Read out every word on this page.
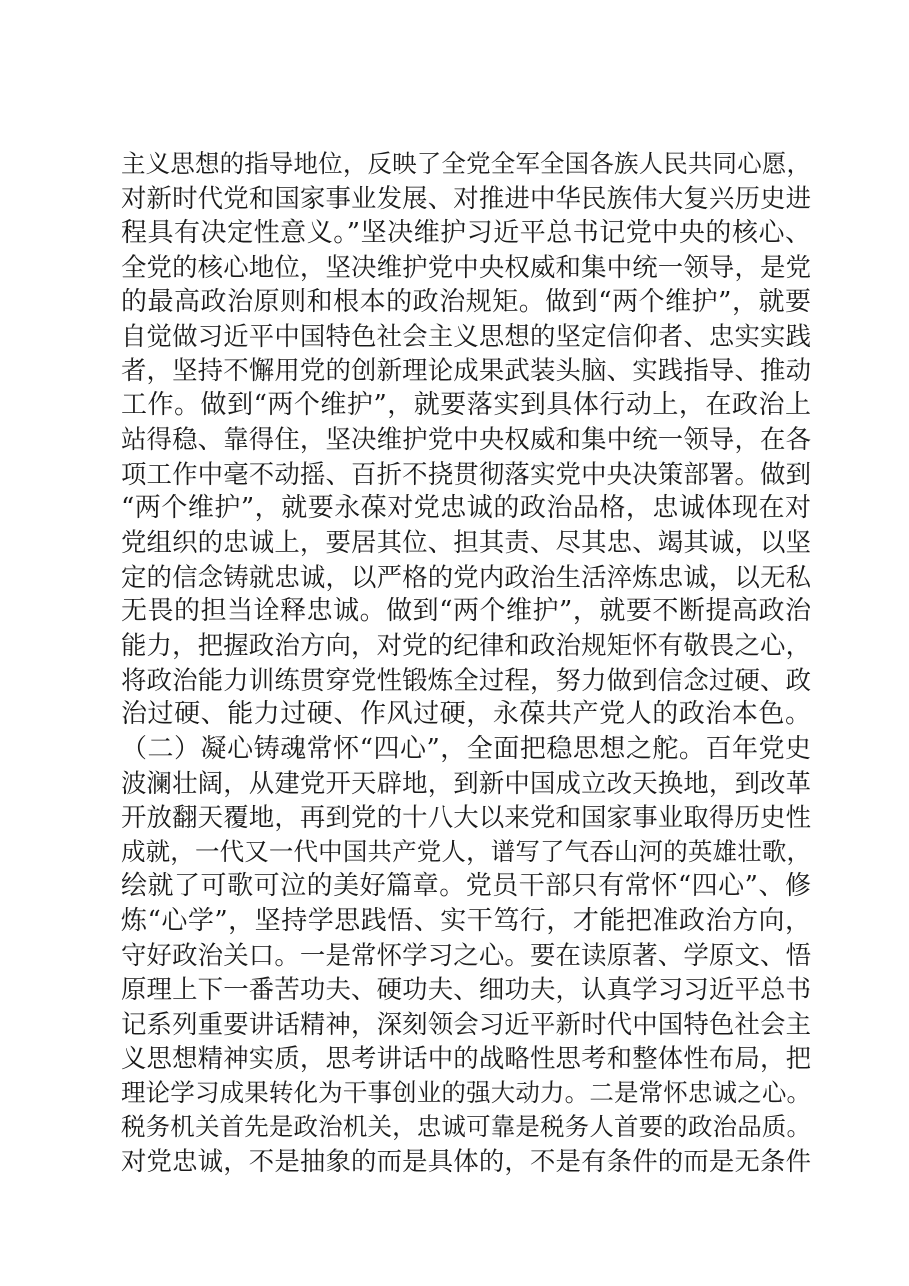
主义思想的指导地位，反映了全党全军全国各族人民共同心愿，
对新时代党和国家事业发展、对推进中华民族伟大复兴历史进
程具有决定性意义。”坚决维护习近平总书记党中央的核心、
全党的核心地位，坚决维护党中央权威和集中统一领导，是党
的最高政治原则和根本的政治规矩。做到“两个维护”，就要
自觉做习近平中国特色社会主义思想的坚定信仰者、忠实实践
者，坚持不懈用党的创新理论成果武装头脑、实践指导、推动
工作。做到“两个维护”，就要落实到具体行动上，在政治上
站得稳、靠得住，坚决维护党中央权威和集中统一领导，在各
项工作中毫不动摇、百折不挠贯彻落实党中央决策部署。做到
“两个维护”，就要永葆对党忠诚的政治品格，忠诚体现在对
党组织的忠诚上，要居其位、担其责、尽其忠、竭其诚，以坚
定的信念铸就忠诚，以严格的党内政治生活淬炼忠诚，以无私
无畏的担当诠释忠诚。做到“两个维护”，就要不断提高政治
能力，把握政治方向，对党的纪律和政治规矩怀有敬畏之心，
将政治能力训练贯穿党性锻炼全过程，努力做到信念过硬、政
治过硬、能力过硬、作风过硬，永葆共产党人的政治本色。
（二）凝心铸魂常怀“四心”，全面把稳思想之舵。百年党史
波澜壮阔，从建党开天辟地，到新中国成立改天换地，到改革
开放翻天覆地，再到党的十八大以来党和国家事业取得历史性
成就，一代又一代中国共产党人，谱写了气吞山河的英雄壮歌，
绘就了可歌可泣的美好篇章。党员干部只有常怀“四心”、修
炼“心学”，坚持学思践悟、实干笃行，才能把准政治方向，
守好政治关口。一是常怀学习之心。要在读原著、学原文、悟
原理上下一番苦功夫、硬功夫、细功夫，认真学习习近平总书
记系列重要讲话精神，深刻领会习近平新时代中国特色社会主
义思想精神实质，思考讲话中的战略性思考和整体性布局，把
理论学习成果转化为干事创业的强大动力。二是常怀忠诚之心。
税务机关首先是政治机关，忠诚可靠是税务人首要的政治品质。
对党忠诚，不是抽象的而是具体的，不是有条件的而是无条件
